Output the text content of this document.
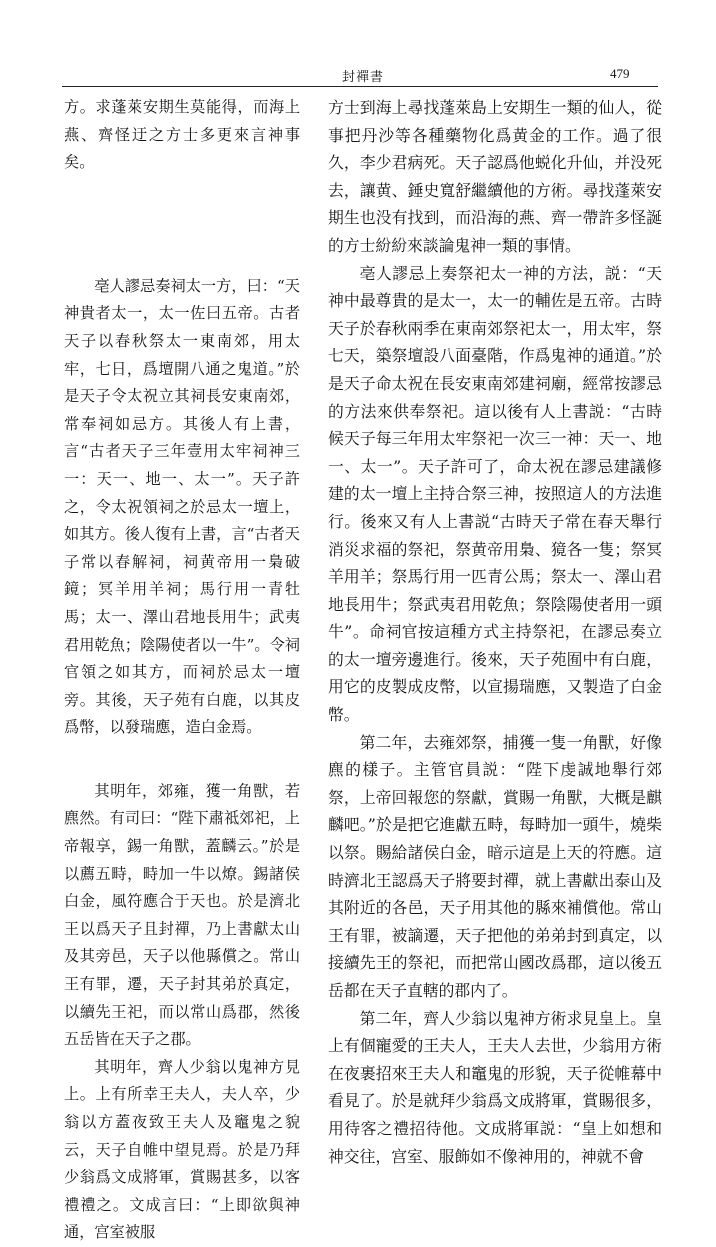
封禪書	479

方。求蓬萊安期生莫能得，而海上燕、齊怪迂之方士多更來言神事矣。

亳人謬忌奏祠太一方，曰：“天神貴者太一，太一佐曰五帝。古者天子以春秋祭太一東南郊，用太牢，七日，爲壇開八通之鬼道。”於是天子令太祝立其祠長安東南郊，常奉祠如忌方。其後人有上書，言“古者天子三年壹用太牢祠神三一：天一、地一、太一”。天子許之，令太祝領祠之於忌太一壇上，如其方。後人復有上書，言“古者天子常以春解祠，祠黄帝用一梟破鏡；冥羊用羊祠；馬行用一青牡馬；太一、澤山君地長用牛；武夷君用乾魚；陰陽使者以一牛”。令祠官領之如其方，而祠於忌太一壇旁。其後，天子苑有白鹿，以其皮爲幣，以發瑞應，造白金焉。

其明年，郊雍，獲一角獸，若麃然。有司曰：“陛下肅祗郊祀，上帝報享，錫一角獸，蓋麟云。”於是以薦五畤，畤加一牛以燎。錫諸侯白金，風符應合于天也。於是濟北王以爲天子且封禪，乃上書獻太山及其旁邑，天子以他縣償之。常山王有罪，遷，天子封其弟於真定，以續先王祀，而以常山爲郡，然後五岳皆在天子之郡。

其明年，齊人少翁以鬼神方見上。上有所幸王夫人，夫人卒，少翁以方蓋夜致王夫人及竈鬼之貌云，天子自帷中望見焉。於是乃拜少翁爲文成將軍，賞賜甚多，以客禮禮之。文成言曰：“上即欲與神通，宫室被服

方士到海上尋找蓬萊島上安期生一類的仙人，從事把丹沙等各種藥物化爲黄金的工作。過了很久，李少君病死。天子認爲他蜕化升仙，并没死去，讓黄、錘史寬舒繼續他的方術。尋找蓬萊安期生也没有找到，而沿海的燕、齊一帶許多怪誕的方士紛紛來談論鬼神一類的事情。

亳人謬忌上奏祭祀太一神的方法，説：“天神中最尊貴的是太一，太一的輔佐是五帝。古時天子於春秋兩季在東南郊祭祀太一，用太牢，祭七天，築祭壇設八面臺階，作爲鬼神的通道。”於是天子命太祝在長安東南郊建祠廟，經常按謬忌的方法來供奉祭祀。這以後有人上書説：“古時候天子每三年用太牢祭祀一次三一神：天一、地一、太一”。天子許可了，命太祝在謬忌建議修建的太一壇上主持合祭三神，按照這人的方法進行。後來又有人上書説“古時天子常在春天舉行消災求福的祭祀，祭黄帝用梟、獍各一隻；祭冥羊用羊；祭馬行用一匹青公馬；祭太一、澤山君地長用牛；祭武夷君用乾魚；祭陰陽使者用一頭牛”。命祠官按這種方式主持祭祀，在謬忌奏立的太一壇旁邊進行。後來，天子苑囿中有白鹿，用它的皮製成皮幣，以宣揚瑞應，又製造了白金幣。

第二年，去雍郊祭，捕獲一隻一角獸，好像麃的樣子。主管官員説：“陛下虔誠地舉行郊祭，上帝回報您的祭獻，賞賜一角獸，大概是麒麟吧。”於是把它進獻五畤，每畤加一頭牛，燒柴以祭。賜給諸侯白金，暗示這是上天的符應。這時濟北王認爲天子將要封禪，就上書獻出泰山及其附近的各邑，天子用其他的縣來補償他。常山王有罪，被謫遷，天子把他的弟弟封到真定，以接續先王的祭祀，而把常山國改爲郡，這以後五岳都在天子直轄的郡内了。

第二年，齊人少翁以鬼神方術求見皇上。皇上有個寵愛的王夫人，王夫人去世，少翁用方術在夜裹招來王夫人和竈鬼的形貌，天子從帷幕中看見了。於是就拜少翁爲文成將軍，賞賜很多，用待客之禮招待他。文成將軍説：“皇上如想和神交往，宫室、服飾如不像神用的，神就不會
